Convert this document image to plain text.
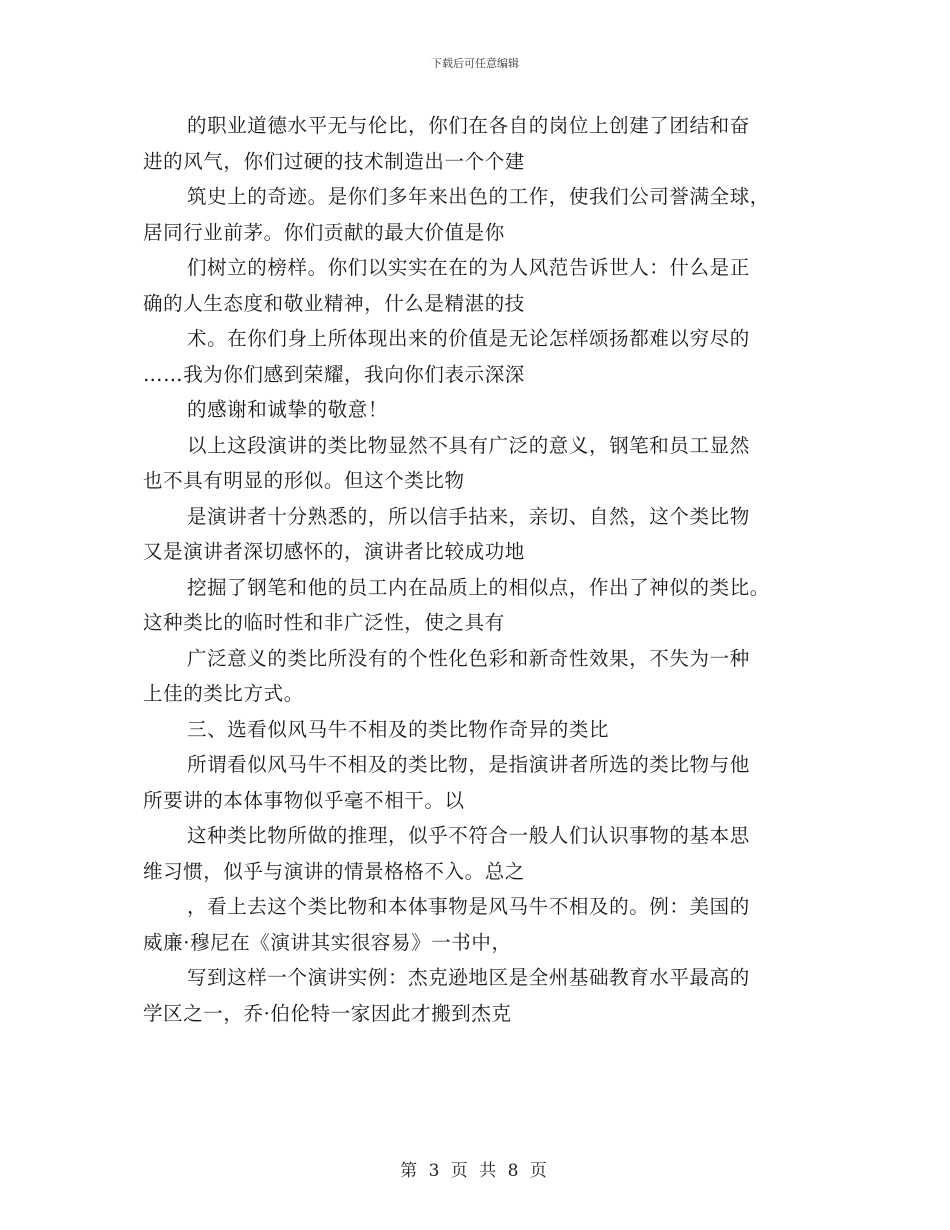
下载后可任意编辑

的职业道德水平无与伦比，你们在各自的岗位上创建了团结和奋
进的风气，你们过硬的技术制造出一个个建

筑史上的奇迹。是你们多年来出色的工作，使我们公司誉满全球，
居同行业前茅。你们贡献的最大价值是你

们树立的榜样。你们以实实在在的为人风范告诉世人：什么是正
确的人生态度和敬业精神，什么是精湛的技

术。在你们身上所体现出来的价值是无论怎样颂扬都难以穷尽的
……我为你们感到荣耀，我向你们表示深深

的感谢和诚挚的敬意！

以上这段演讲的类比物显然不具有广泛的意义，钢笔和员工显然
也不具有明显的形似。但这个类比物

是演讲者十分熟悉的，所以信手拈来，亲切、自然，这个类比物
又是演讲者深切感怀的，演讲者比较成功地

挖掘了钢笔和他的员工内在品质上的相似点，作出了神似的类比。
这种类比的临时性和非广泛性，使之具有

广泛意义的类比所没有的个性化色彩和新奇性效果，不失为一种
上佳的类比方式。

三、选看似风马牛不相及的类比物作奇异的类比

所谓看似风马牛不相及的类比物，是指演讲者所选的类比物与他
所要讲的本体事物似乎毫不相干。以

这种类比物所做的推理，似乎不符合一般人们认识事物的基本思
维习惯，似乎与演讲的情景格格不入。总之

，看上去这个类比物和本体事物是风马牛不相及的。例：美国的
威廉·穆尼在《演讲其实很容易》一书中，

写到这样一个演讲实例：杰克逊地区是全州基础教育水平最高的
学区之一，乔·伯伦特一家因此才搬到杰克

第 3 页 共 8 页
